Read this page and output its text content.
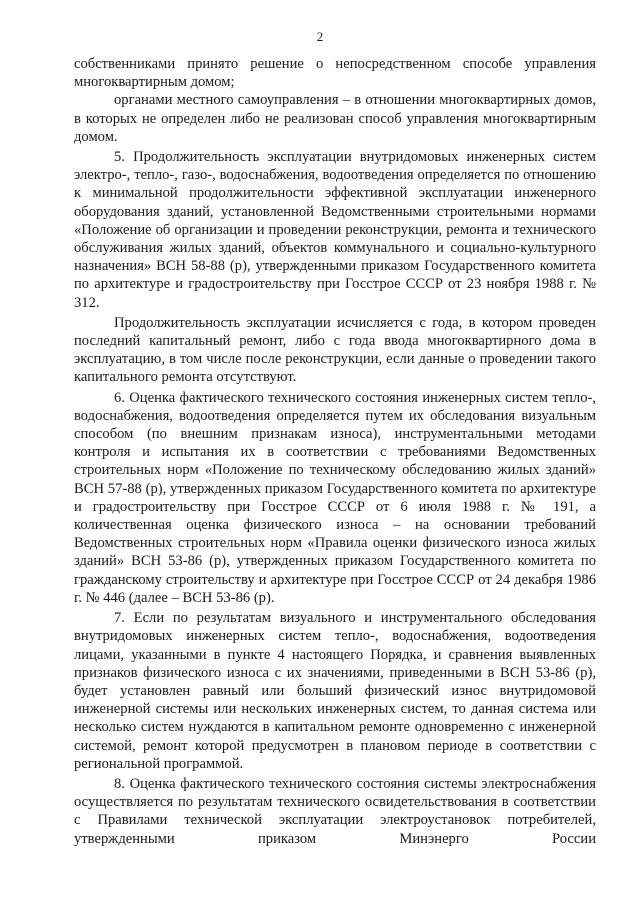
2

собственниками принято решение о непосредственном способе управления многоквартирным домом;

органами местного самоуправления – в отношении многоквартирных домов, в которых не определен либо не реализован способ управления многоквартирным домом.

5. Продолжительность эксплуатации внутридомовых инженерных систем электро-, тепло-, газо-, водоснабжения, водоотведения определяется по отношению к минимальной продолжительности эффективной эксплуатации инженерного оборудования зданий, установленной Ведомственными строительными нормами «Положение об организации и проведении реконструкции, ремонта и технического обслуживания жилых зданий, объектов коммунального и социально-культурного назначения» ВСН 58-88 (р), утвержденными приказом Государственного комитета по архитектуре и градостроительству при Госстрое СССР от 23 ноября 1988 г. № 312.

Продолжительность эксплуатации исчисляется с года, в котором проведен последний капитальный ремонт, либо с года ввода многоквартирного дома в эксплуатацию, в том числе после реконструкции, если данные о проведении такого капитального ремонта отсутствуют.

6. Оценка фактического технического состояния инженерных систем тепло-, водоснабжения, водоотведения определяется путем их обследования визуальным способом (по внешним признакам износа), инструментальными методами контроля и испытания их в соответствии с требованиями Ведомственных строительных норм «Положение по техническому обследованию жилых зданий» ВСН 57-88 (р), утвержденных приказом Государственного комитета по архитектуре и градостроительству при Госстрое СССР от 6 июля 1988 г. № 191, а количественная оценка физического износа – на основании требований Ведомственных строительных норм «Правила оценки физического износа жилых зданий» ВСН 53-86 (р), утвержденных приказом Государственного комитета по гражданскому строительству и архитектуре при Госстрое СССР от 24 декабря 1986 г. № 446 (далее – ВСН 53-86 (р).

7. Если по результатам визуального и инструментального обследования внутридомовых инженерных систем тепло-, водоснабжения, водоотведения лицами, указанными в пункте 4 настоящего Порядка, и сравнения выявленных признаков физического износа с их значениями, приведенными в ВСН 53-86 (р), будет установлен равный или больший физический износ внутридомовой инженерной системы или нескольких инженерных систем, то данная система или несколько систем нуждаются в капитальном ремонте одновременно с инженерной системой, ремонт которой предусмотрен в плановом периоде в соответствии с региональной программой.

8. Оценка фактического технического состояния системы электроснабжения осуществляется по результатам технического освидетельствования в соответствии с Правилами технической эксплуатации электроустановок потребителей, утвержденными приказом Минэнерго России
